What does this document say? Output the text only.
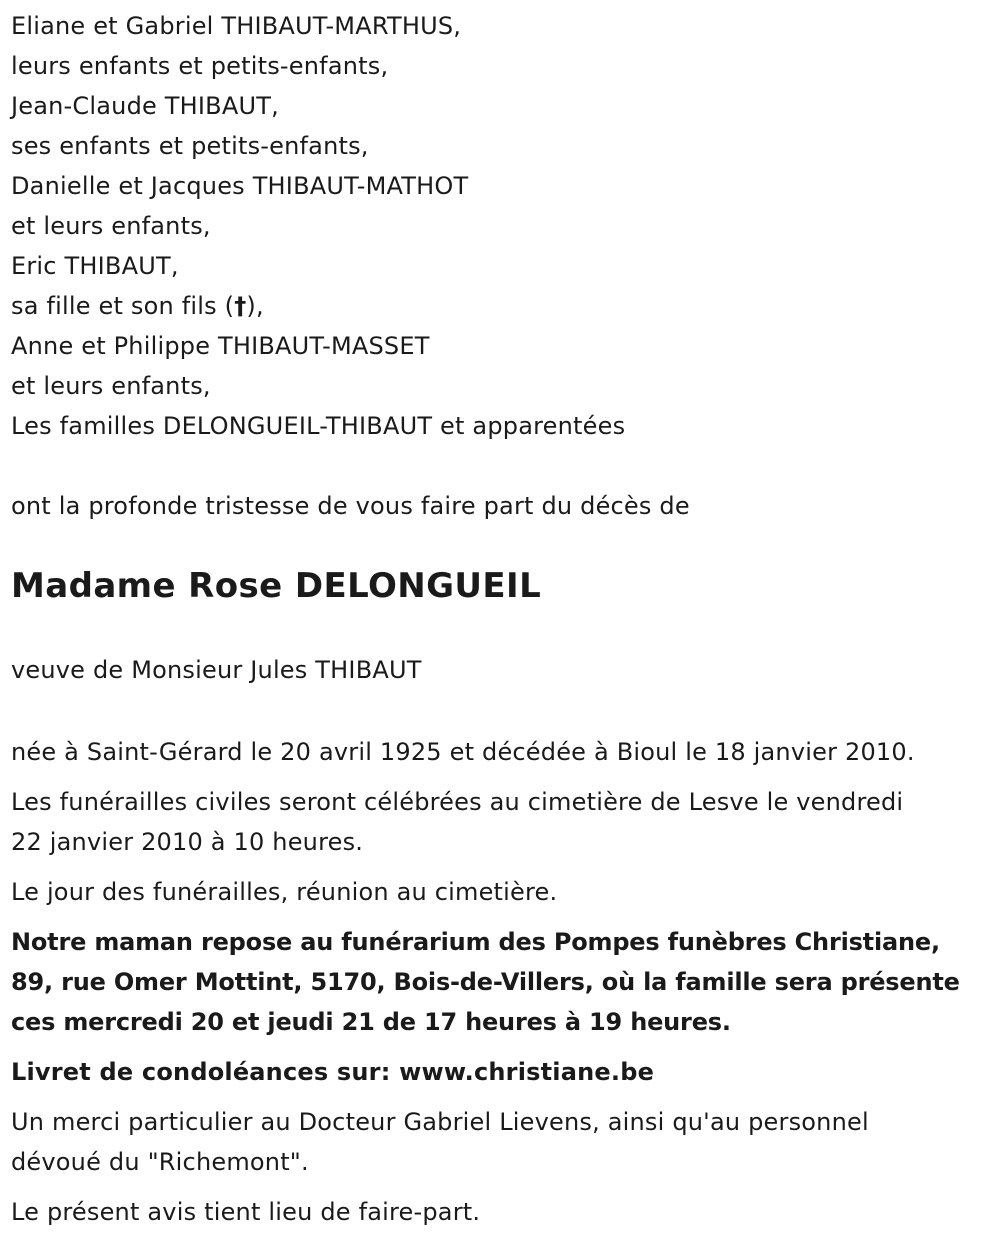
Eliane et Gabriel THIBAUT-MARTHUS,
leurs enfants et petits-enfants,
Jean-Claude THIBAUT,
ses enfants et petits-enfants,
Danielle et Jacques THIBAUT-MATHOT
et leurs enfants,
Eric THIBAUT,
sa fille et son fils (†),
Anne et Philippe THIBAUT-MASSET
et leurs enfants,
Les familles DELONGUEIL-THIBAUT et apparentées
ont la profonde tristesse de vous faire part du décès de
Madame Rose DELONGUEIL
veuve de Monsieur Jules THIBAUT

née à Saint-Gérard le 20 avril 1925 et décédée à Bioul le 18 janvier 2010.

Les funérailles civiles seront célébrées au cimetière de Lesve le vendredi
22 janvier 2010 à 10 heures.

Le jour des funérailles, réunion au cimetière.

Notre maman repose au funérarium des Pompes funèbres Christiane,
89, rue Omer Mottint, 5170, Bois-de-Villers, où la famille sera présente
ces mercredi 20 et jeudi 21 de 17 heures à 19 heures.

Livret de condoléances sur: www.christiane.be

Un merci particulier au Docteur Gabriel Lievens, ainsi qu'au personnel
dévoué du "Richemont".

Le présent avis tient lieu de faire-part.
